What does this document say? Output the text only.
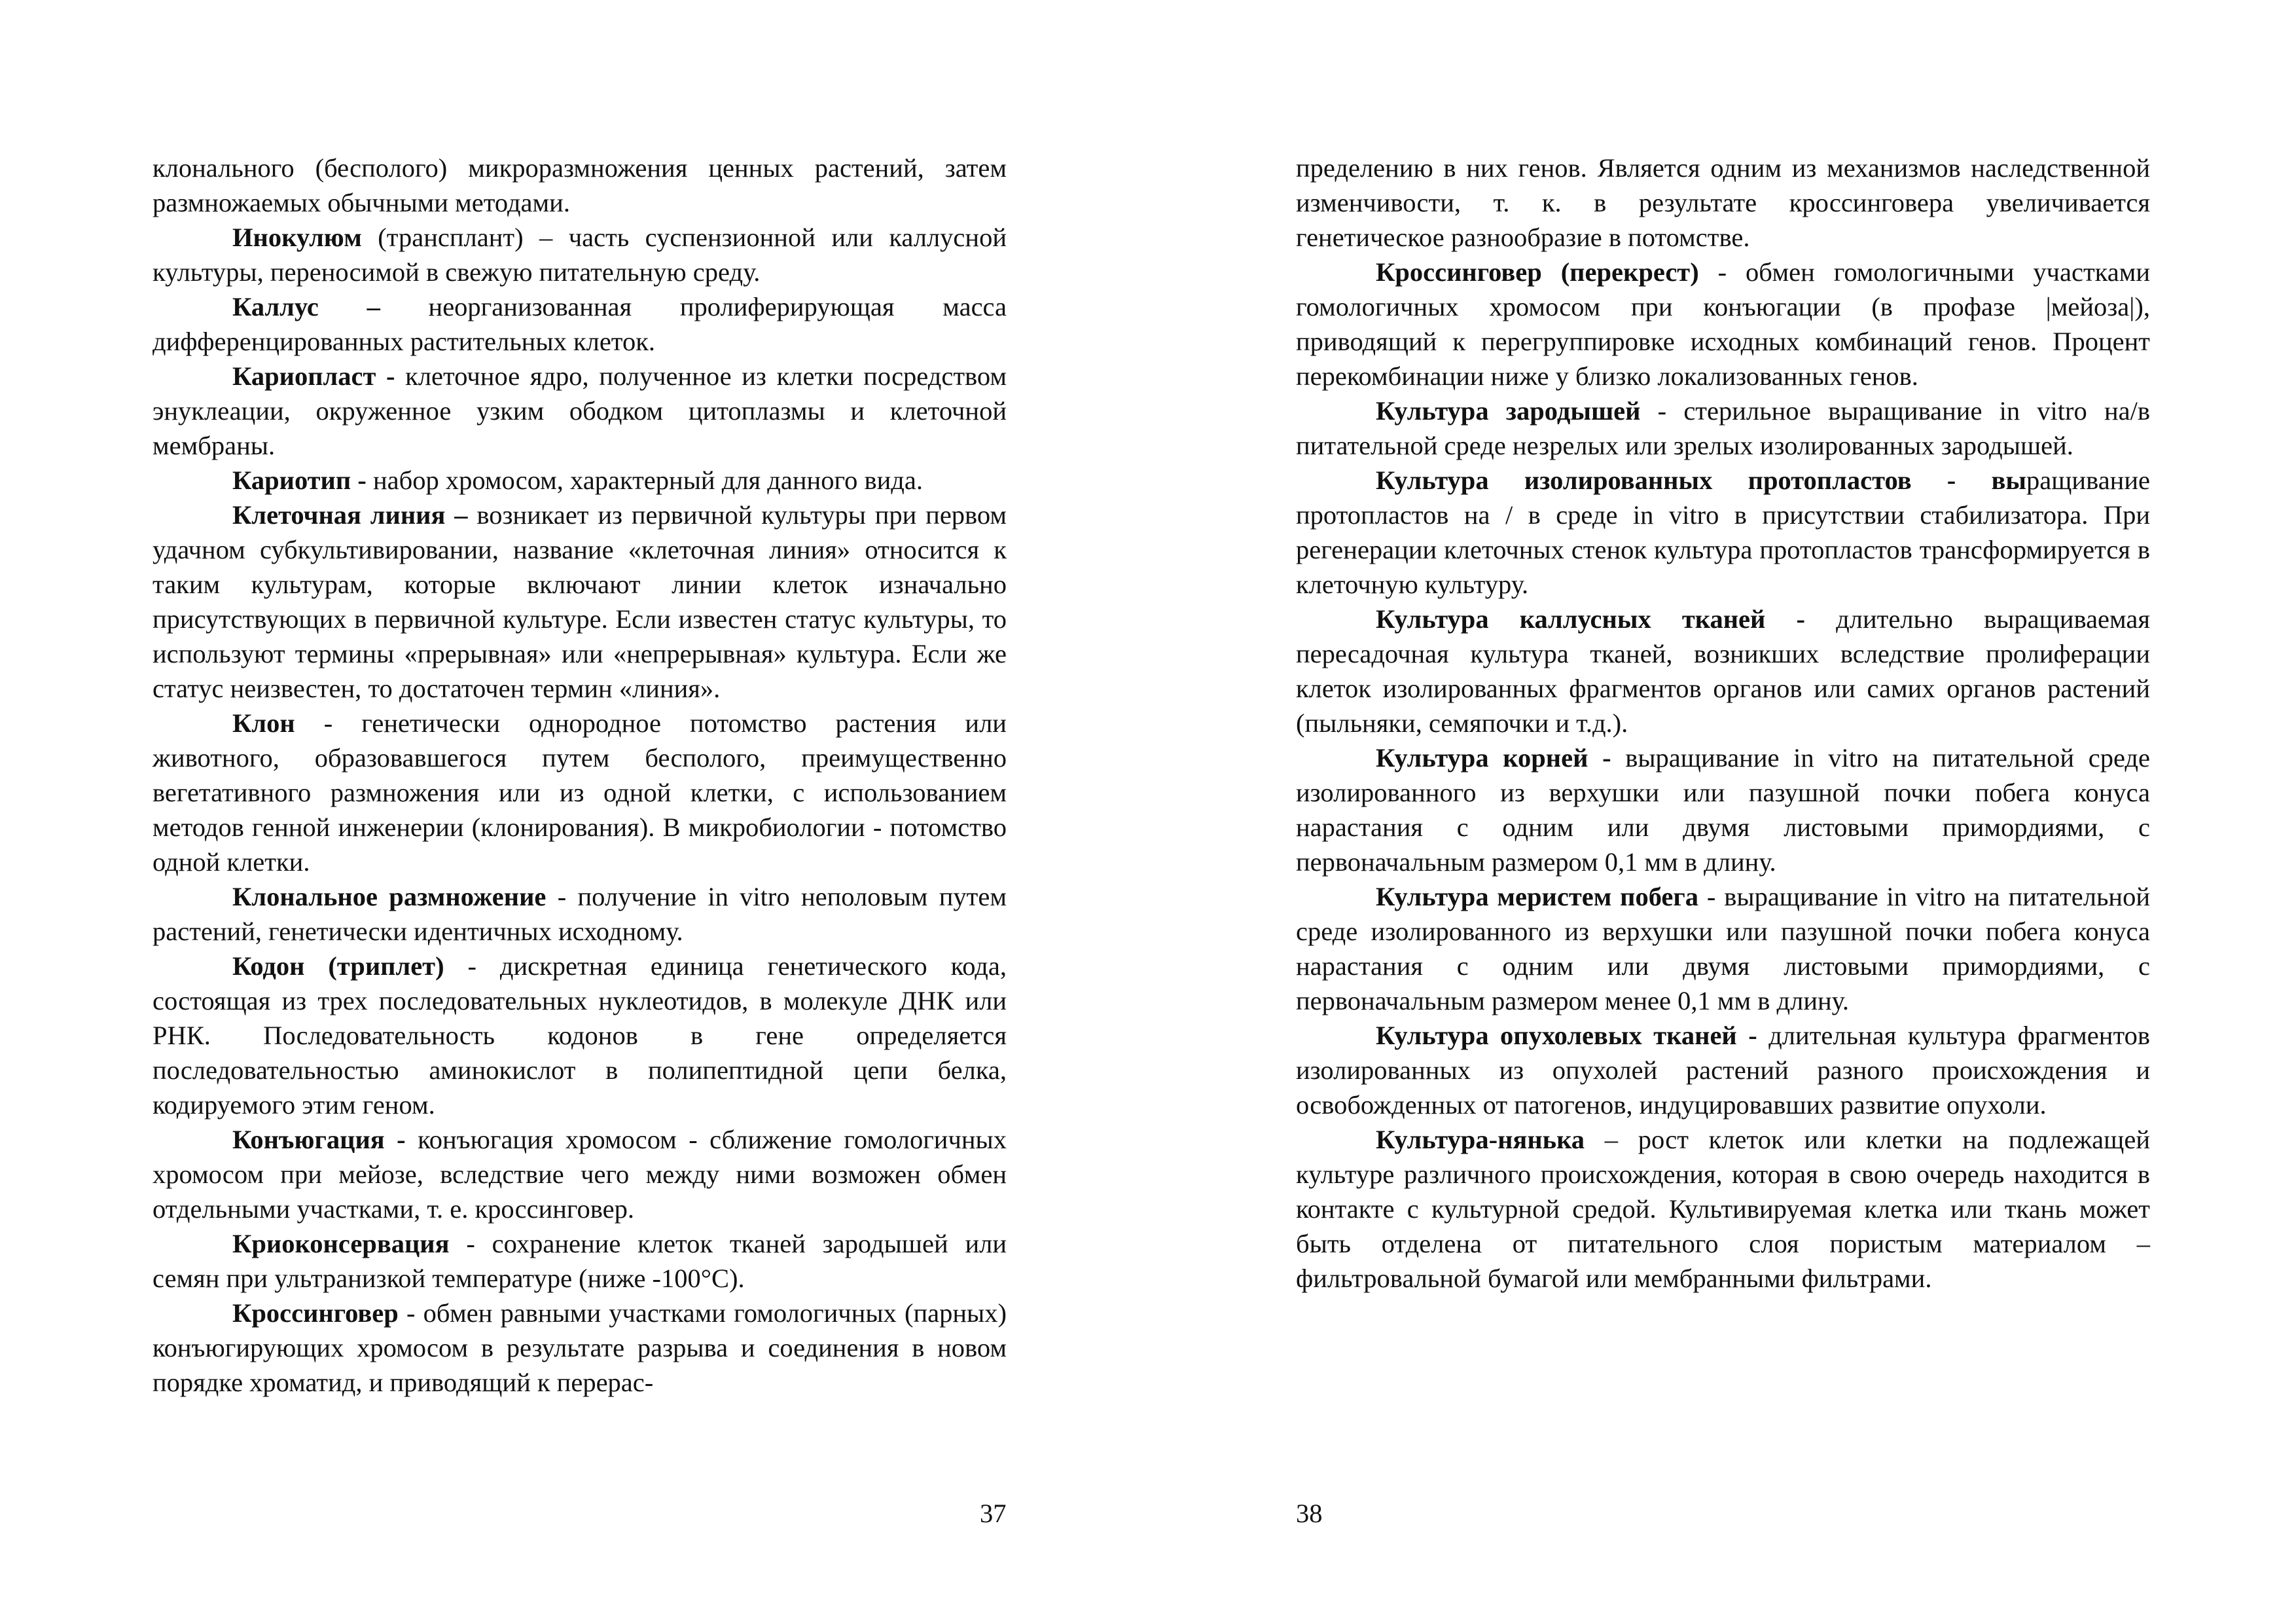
клонального (бесполого) микроразмножения ценных растений, затем размножаемых обычными методами.

Инокулюм (трансплант) – часть суспензионной или каллусной культуры, переносимой в свежую питательную среду.

Каллус – неорганизованная пролиферирующая масса дифференцированных растительных клеток.

Кариопласт - клеточное ядро, полученное из клетки посредством энуклеации, окруженное узким ободком цитоплазмы и клеточной мембраны.

Кариотип - набор хромосом, характерный для данного вида.

Клеточная линия – возникает из первичной культуры при первом удачном субкультивировании, название «клеточная линия» относится к таким культурам, которые включают линии клеток изначально присутствующих в первичной культуре. Если известен статус культуры, то используют термины «прерывная» или «непрерывная» культура. Если же статус неизвестен, то достаточен термин «линия».

Клон - генетически однородное потомство растения или животного, образовавшегося путем бесполого, преимущественно вегетативного размножения или из одной клетки, с использованием методов генной инженерии (клонирования). В микробиологии - потомство одной клетки.

Клональное размножение - получение in vitro неполовым путем растений, генетически идентичных исходному.

Кодон (триплет) - дискретная единица генетического кода, состоящая из трех последовательных нуклеотидов, в молекуле ДНК или РНК. Последовательность кодонов в гене определяется последовательностью аминокислот в полипептидной цепи белка, кодируемого этим геном.

Конъюгация - конъюгация хромосом - сближение гомологичных хромосом при мейозе, вследствие чего между ними возможен обмен отдельными участками, т. е. кроссинговер.

Криоконсервация - сохранение клеток тканей зародышей или семян при ультранизкой температуре (ниже -100°С).

Кроссинговер - обмен равными участками гомологичных (парных) конъюгирующих хромосом в результате разрыва и соединения в новом порядке хроматид, и приводящий к перерас-

пределению в них генов. Является одним из механизмов наследственной изменчивости, т. к. в результате кроссинговера увеличивается генетическое разнообразие в потомстве.

Кроссинговер (перекрест) - обмен гомологичными участками гомологичных хромосом при конъюгации (в профазе |мейоза|), приводящий к перегруппировке исходных комбинаций генов. Процент перекомбинации ниже у близко локализованных генов.

Культура зародышей - стерильное выращивание in vitro на/в питательной среде незрелых или зрелых изолированных зародышей.

Культура изолированных протопластов - выращивание протопластов на / в среде in vitro в присутствии стабилизатора. При регенерации клеточных стенок культура протопластов трансформируется в клеточную культуру.

Культура каллусных тканей - длительно выращиваемая пересадочная культура тканей, возникших вследствие пролиферации клеток изолированных фрагментов органов или самих органов растений (пыльняки, семяпочки и т.д.).

Культура корней - выращивание in vitro на питательной среде изолированного из верхушки или пазушной почки побега конуса нарастания с одним или двумя листовыми примордиями, с первоначальным размером 0,1 мм в длину.

Культура меристем побега - выращивание in vitro на питательной среде изолированного из верхушки или пазушной почки побега конуса нарастания с одним или двумя листовыми примордиями, с первоначальным размером менее 0,1 мм в длину.

Культура опухолевых тканей - длительная культура фрагментов изолированных из опухолей растений разного происхождения и освобожденных от патогенов, индуцировавших развитие опухоли.

Культура-нянька – рост клеток или клетки на подлежащей культуре различного происхождения, которая в свою очередь находится в контакте с культурной средой. Культивируемая клетка или ткань может быть отделена от питательного слоя пористым материалом – фильтровальной бумагой или мембранными фильтрами.

37	38
